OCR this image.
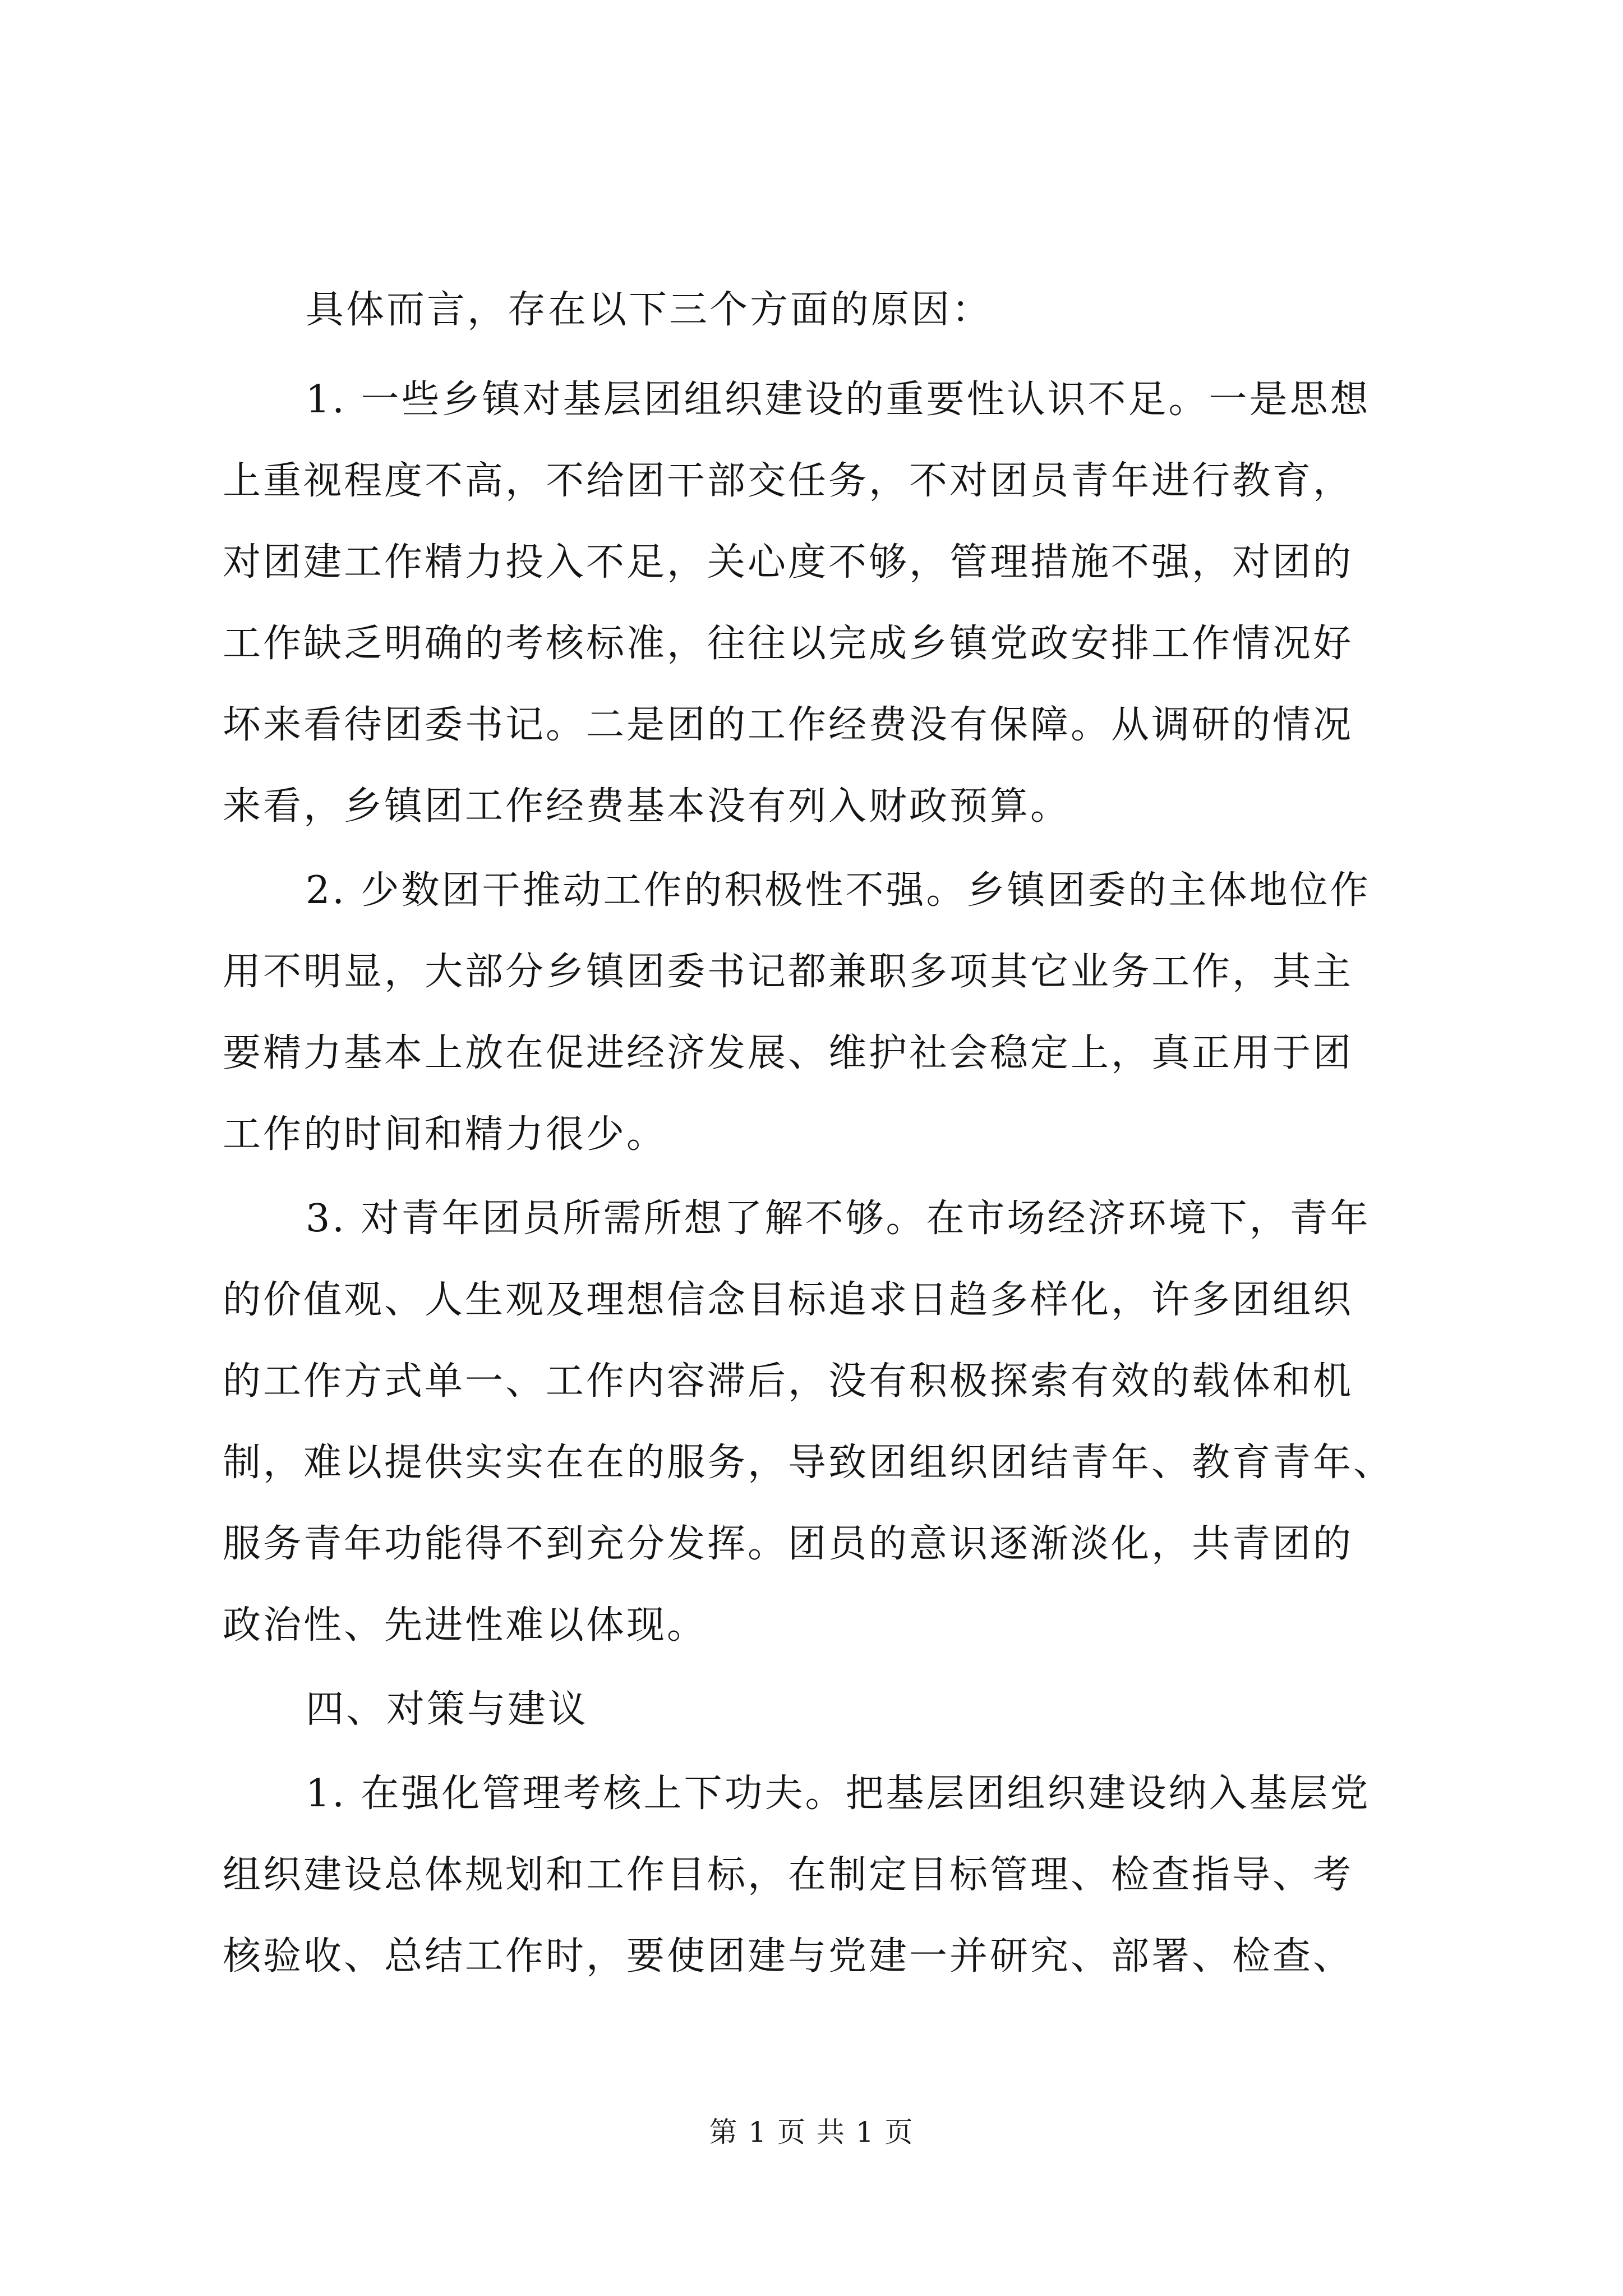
具体而言，存在以下三个方面的原因：
1. 一些乡镇对基层团组织建设的重要性认识不足。一是思想
上重视程度不高，不给团干部交任务，不对团员青年进行教育，
对团建工作精力投入不足，关心度不够，管理措施不强，对团的
工作缺乏明确的考核标准，往往以完成乡镇党政安排工作情况好
坏来看待团委书记。二是团的工作经费没有保障。从调研的情况
来看，乡镇团工作经费基本没有列入财政预算。
2. 少数团干推动工作的积极性不强。乡镇团委的主体地位作
用不明显，大部分乡镇团委书记都兼职多项其它业务工作，其主
要精力基本上放在促进经济发展、维护社会稳定上，真正用于团
工作的时间和精力很少。
3. 对青年团员所需所想了解不够。在市场经济环境下，青年
的价值观、人生观及理想信念目标追求日趋多样化，许多团组织
的工作方式单一、工作内容滞后，没有积极探索有效的载体和机
制，难以提供实实在在的服务，导致团组织团结青年、教育青年、
服务青年功能得不到充分发挥。团员的意识逐渐淡化，共青团的
政治性、先进性难以体现。
四、对策与建议
1. 在强化管理考核上下功夫。把基层团组织建设纳入基层党
组织建设总体规划和工作目标，在制定目标管理、检查指导、考
核验收、总结工作时，要使团建与党建一并研究、部署、检查、
第 1 页 共 1 页
